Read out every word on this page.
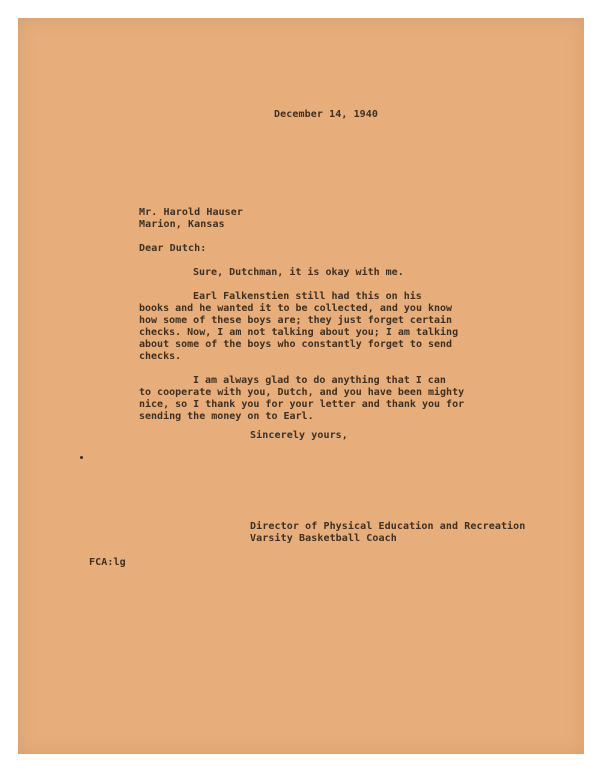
December 14, 1940
Mr. Harold Hauser
Marion, Kansas
Dear Dutch:
Sure, Dutchman, it is okay with me.
Earl Falkenstien still had this on his
books and he wanted it to be collected, and you know
how some of these boys are; they just forget certain
checks. Now, I am not talking about you; I am talking
about some of the boys who constantly forget to send
checks.
I am always glad to do anything that I can
to cooperate with you, Dutch, and you have been mighty
nice, so I thank you for your letter and thank you for
sending the money on to Earl.
Sincerely yours,
Director of Physical Education and Recreation
Varsity Basketball Coach
FCA:lg
